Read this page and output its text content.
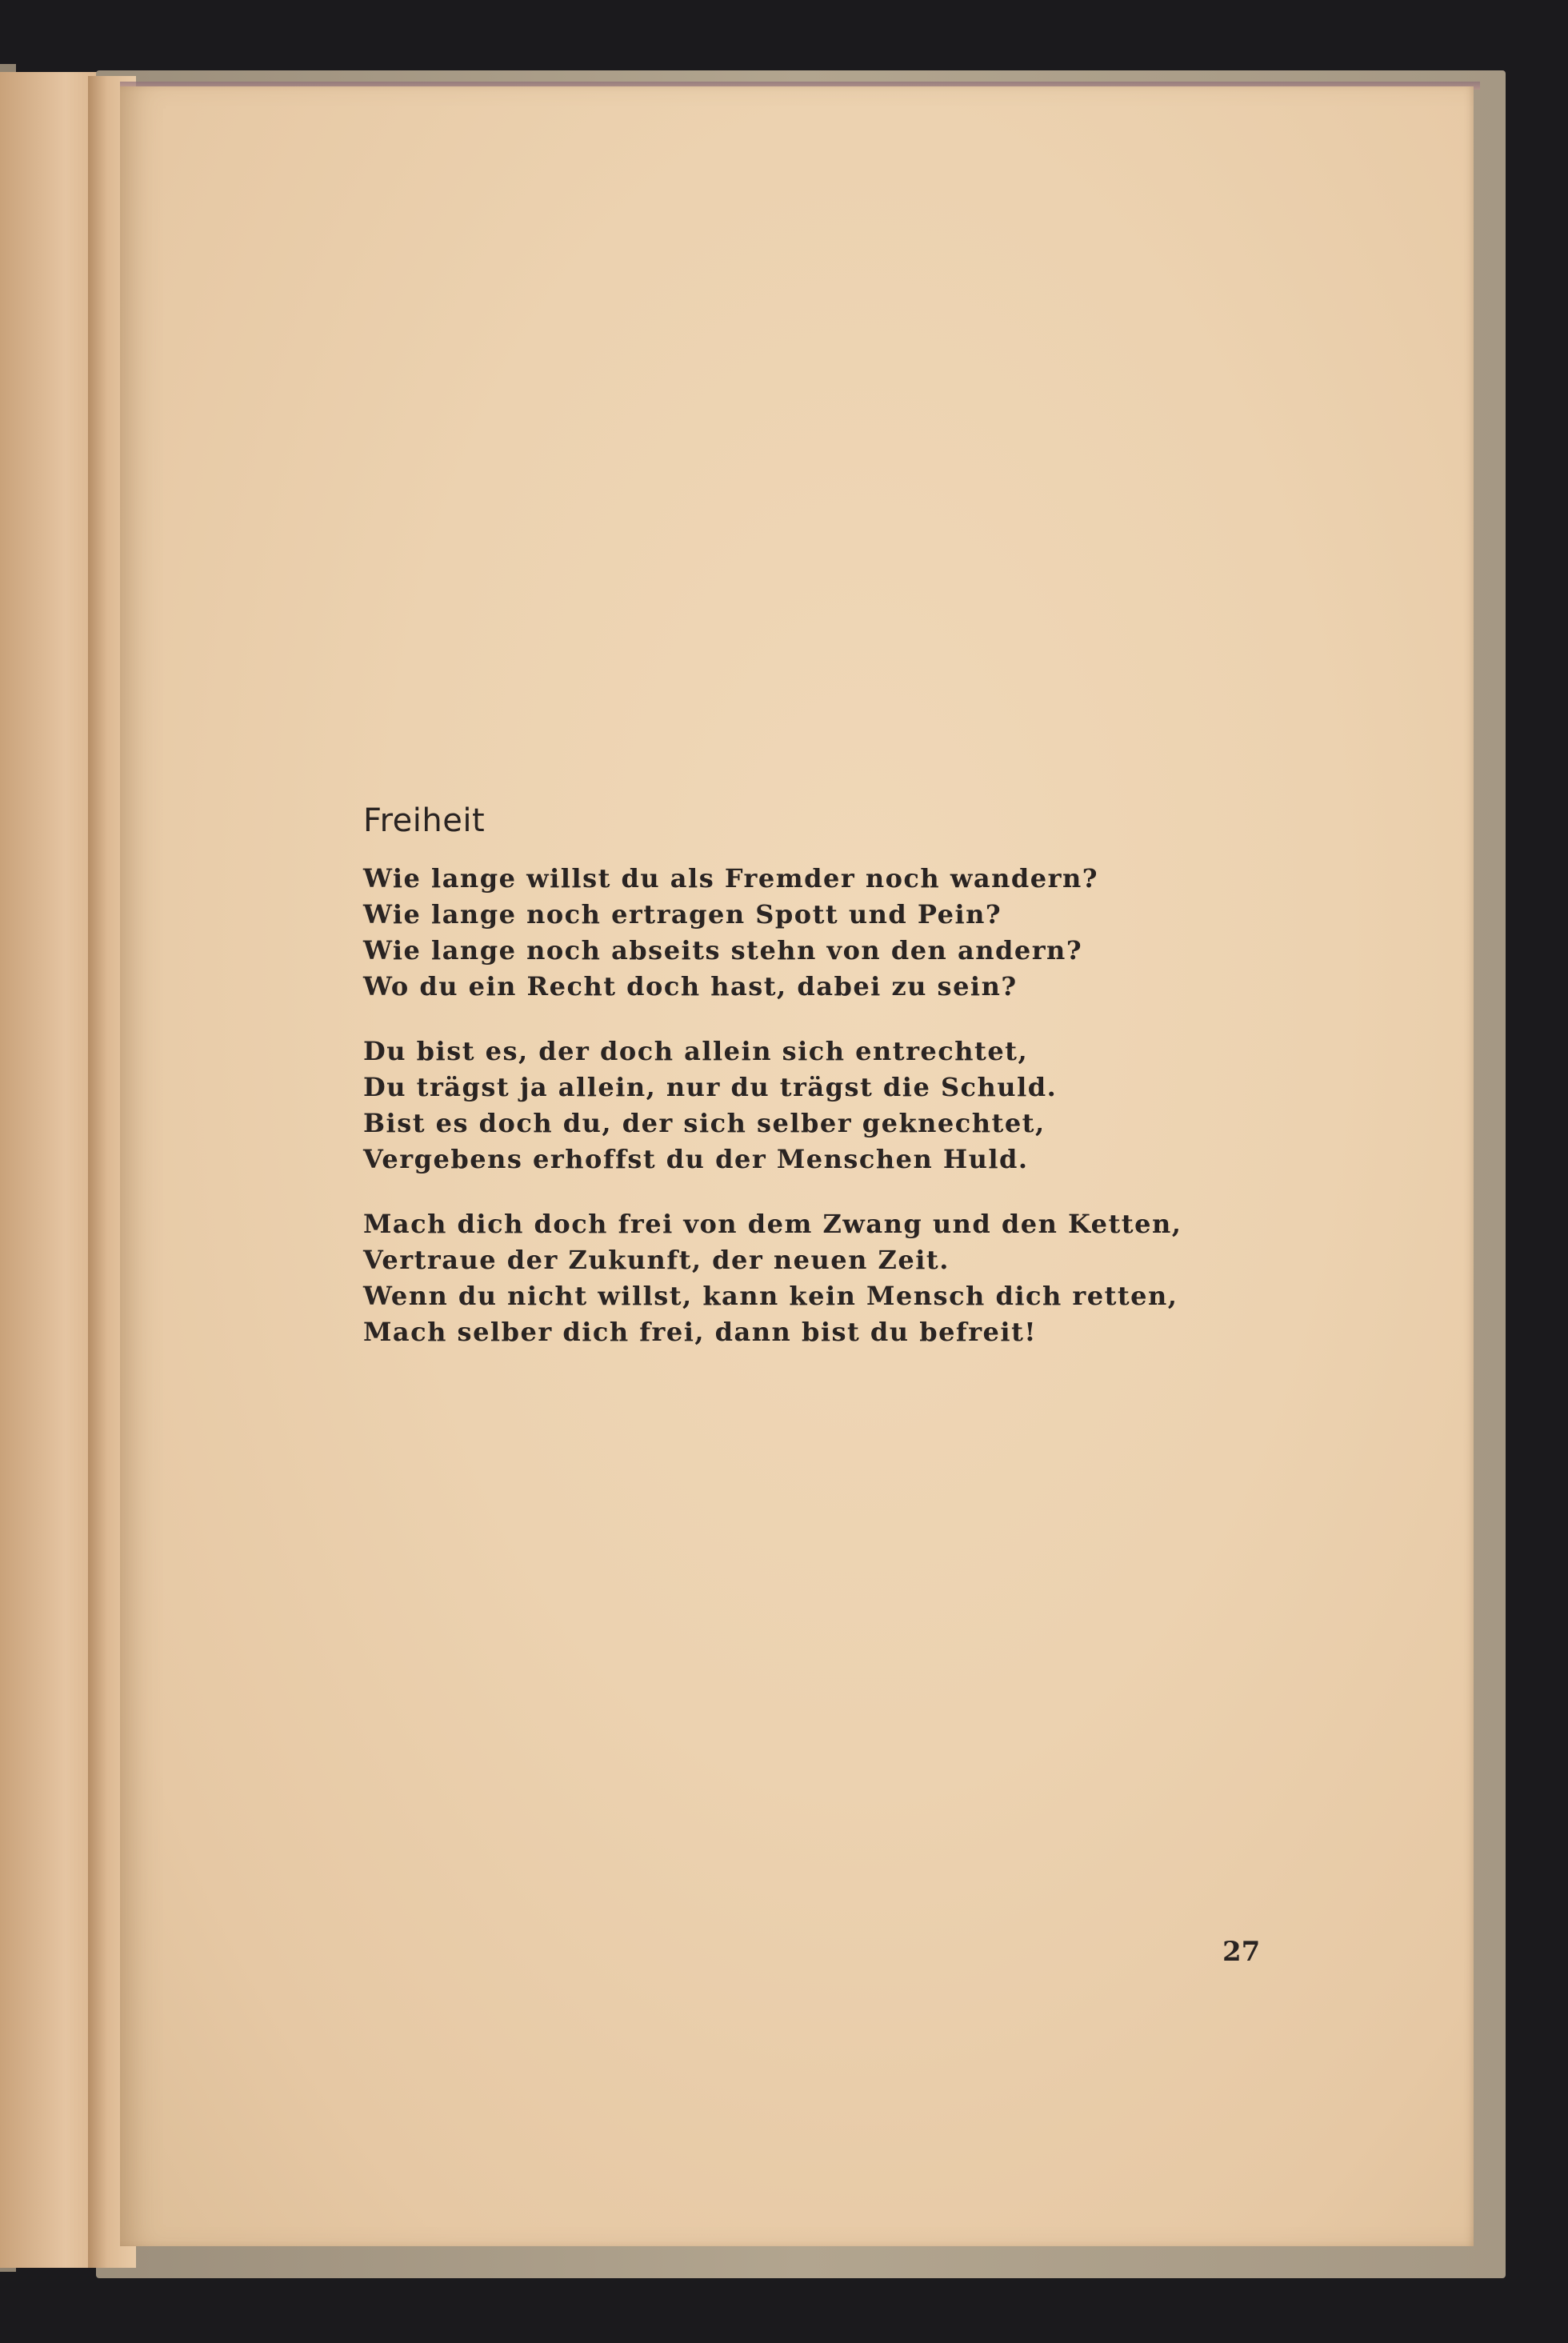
Freiheit
Wie lange willst du als Fremder noch wandern?
Wie lange noch ertragen Spott und Pein?
Wie lange noch abseits stehn von den andern?
Wo du ein Recht doch hast, dabei zu sein?
Du bist es, der doch allein sich entrechtet,
Du trägst ja allein, nur du trägst die Schuld.
Bist es doch du, der sich selber geknechtet,
Vergebens erhoffst du der Menschen Huld.
Mach dich doch frei von dem Zwang und den Ketten,
Vertraue der Zukunft, der neuen Zeit.
Wenn du nicht willst, kann kein Mensch dich retten,
Mach selber dich frei, dann bist du befreit!
27
